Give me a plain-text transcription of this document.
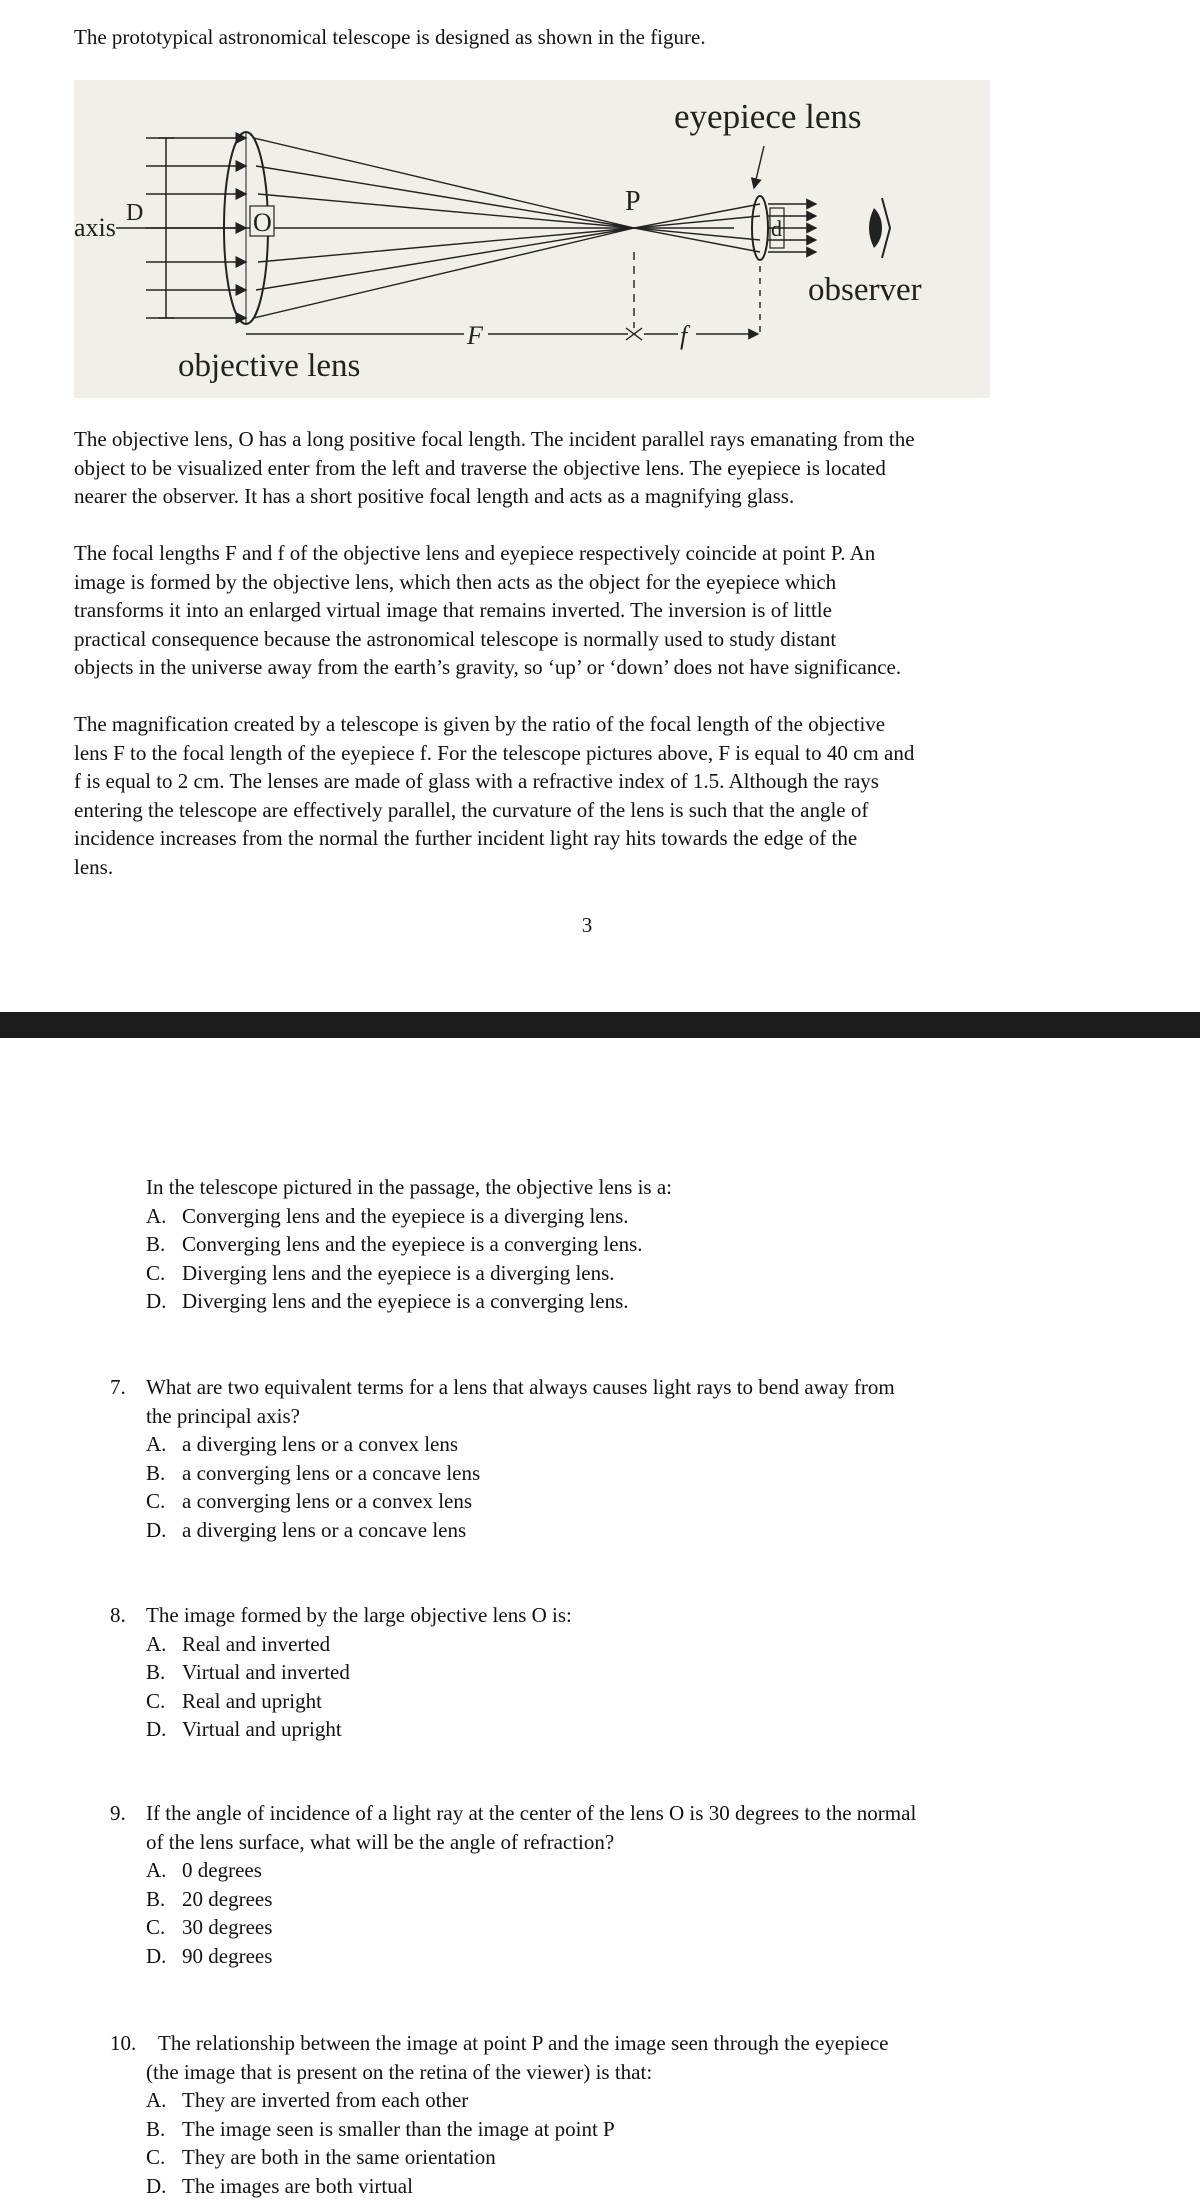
The prototypical astronomical telescope is designed as shown in the figure.
eyepiece lens
axis D	O
P
d
observer
F	f
objective lens
The objective lens, O has a long positive focal length. The incident parallel rays emanating from the
object to be visualized enter from the left and traverse the objective lens. The eyepiece is located
nearer the observer. It has a short positive focal length and acts as a magnifying glass.
The focal lengths F and f of the objective lens and eyepiece respectively coincide at point P. An
image is formed by the objective lens, which then acts as the object for the eyepiece which
transforms it into an enlarged virtual image that remains inverted. The inversion is of little
practical consequence because the astronomical telescope is normally used to study distant
objects in the universe away from the earth’s gravity, so ‘up’ or ‘down’ does not have significance.
The magnification created by a telescope is given by the ratio of the focal length of the objective
lens F to the focal length of the eyepiece f. For the telescope pictures above, F is equal to 40 cm and
f is equal to 2 cm. The lenses are made of glass with a refractive index of 1.5. Although the rays
entering the telescope are effectively parallel, the curvature of the lens is such that the angle of
incidence increases from the normal the further incident light ray hits towards the edge of the
lens.
3
In the telescope pictured in the passage, the objective lens is a:
A. Converging lens and the eyepiece is a diverging lens.
B. Converging lens and the eyepiece is a converging lens.
C. Diverging lens and the eyepiece is a diverging lens.
D. Diverging lens and the eyepiece is a converging lens.
7. What are two equivalent terms for a lens that always causes light rays to bend away from
the principal axis?
A. a diverging lens or a convex lens
B. a converging lens or a concave lens
C. a converging lens or a convex lens
D. a diverging lens or a concave lens
8. The image formed by the large objective lens O is:
A. Real and inverted
B. Virtual and inverted
C. Real and upright
D. Virtual and upright
9. If the angle of incidence of a light ray at the center of the lens O is 30 degrees to the normal
of the lens surface, what will be the angle of refraction?
A. 0 degrees
B. 20 degrees
C. 30 degrees
D. 90 degrees
10. The relationship between the image at point P and the image seen through the eyepiece
(the image that is present on the retina of the viewer) is that:
A. They are inverted from each other
B. The image seen is smaller than the image at point P
C. They are both in the same orientation
D. The images are both virtual
